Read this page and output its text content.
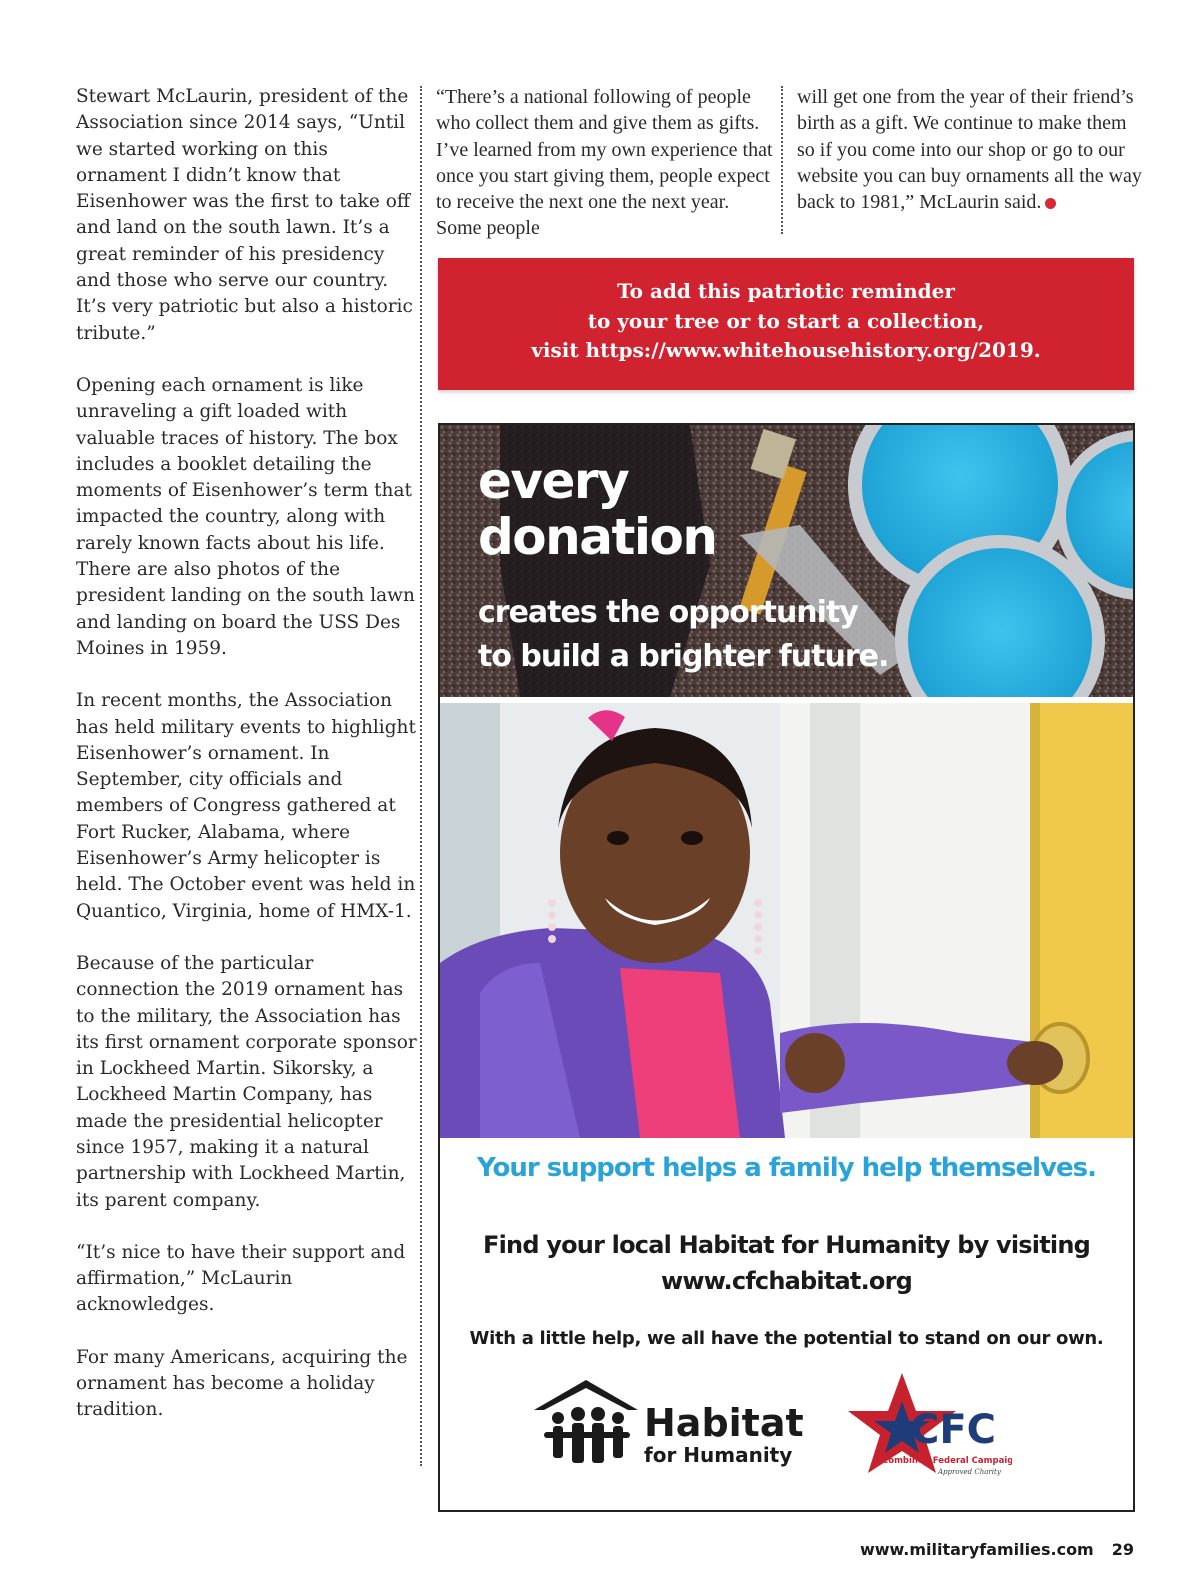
Stewart McLaurin, president of the Association since 2014 says, “Until we started working on this ornament I didn’t know that Eisenhower was the first to take off and land on the south lawn. It’s a great reminder of his presidency and those who serve our country. It’s very patriotic but also a historic tribute.”

Opening each ornament is like unraveling a gift loaded with valuable traces of history. The box includes a booklet detailing the moments of Eisenhower’s term that impacted the country, along with rarely known facts about his life. There are also photos of the president landing on the south lawn and landing on board the USS Des Moines in 1959.

In recent months, the Association has held military events to highlight Eisenhower’s ornament. In September, city officials and members of Congress gathered at Fort Rucker, Alabama, where Eisenhower’s Army helicopter is held. The October event was held in Quantico, Virginia, home of HMX-1.

Because of the particular connection the 2019 ornament has to the military, the Association has its first ornament corporate sponsor in Lockheed Martin. Sikorsky, a Lockheed Martin Company, has made the presidential helicopter since 1957, making it a natural partnership with Lockheed Martin, its parent company.

“It’s nice to have their support and affirmation,” McLaurin acknowledges.

For many Americans, acquiring the ornament has become a holiday tradition.

“There’s a national following of people who collect them and give them as gifts. I’ve learned from my own experience that once you start giving them, people expect to receive the next one the next year. Some people

will get one from the year of their friend’s birth as a gift. We continue to make them so if you come into our shop or go to our website you can buy ornaments all the way back to 1981,” McLaurin said.

To add this patriotic reminder
to your tree or to start a collection,
visit https://www.whitehousehistory.org/2019.
every
donation
creates the opportunity
to build a brighter future.
Your support helps a family help themselves.
Find your local Habitat for Humanity by visiting
www.cfchabitat.org
With a little help, we all have the potential to stand on our own.
Habitat
for Humanity
CFC
Combined Federal Campaign
Approved Charity
www.militaryfamilies.com 29
